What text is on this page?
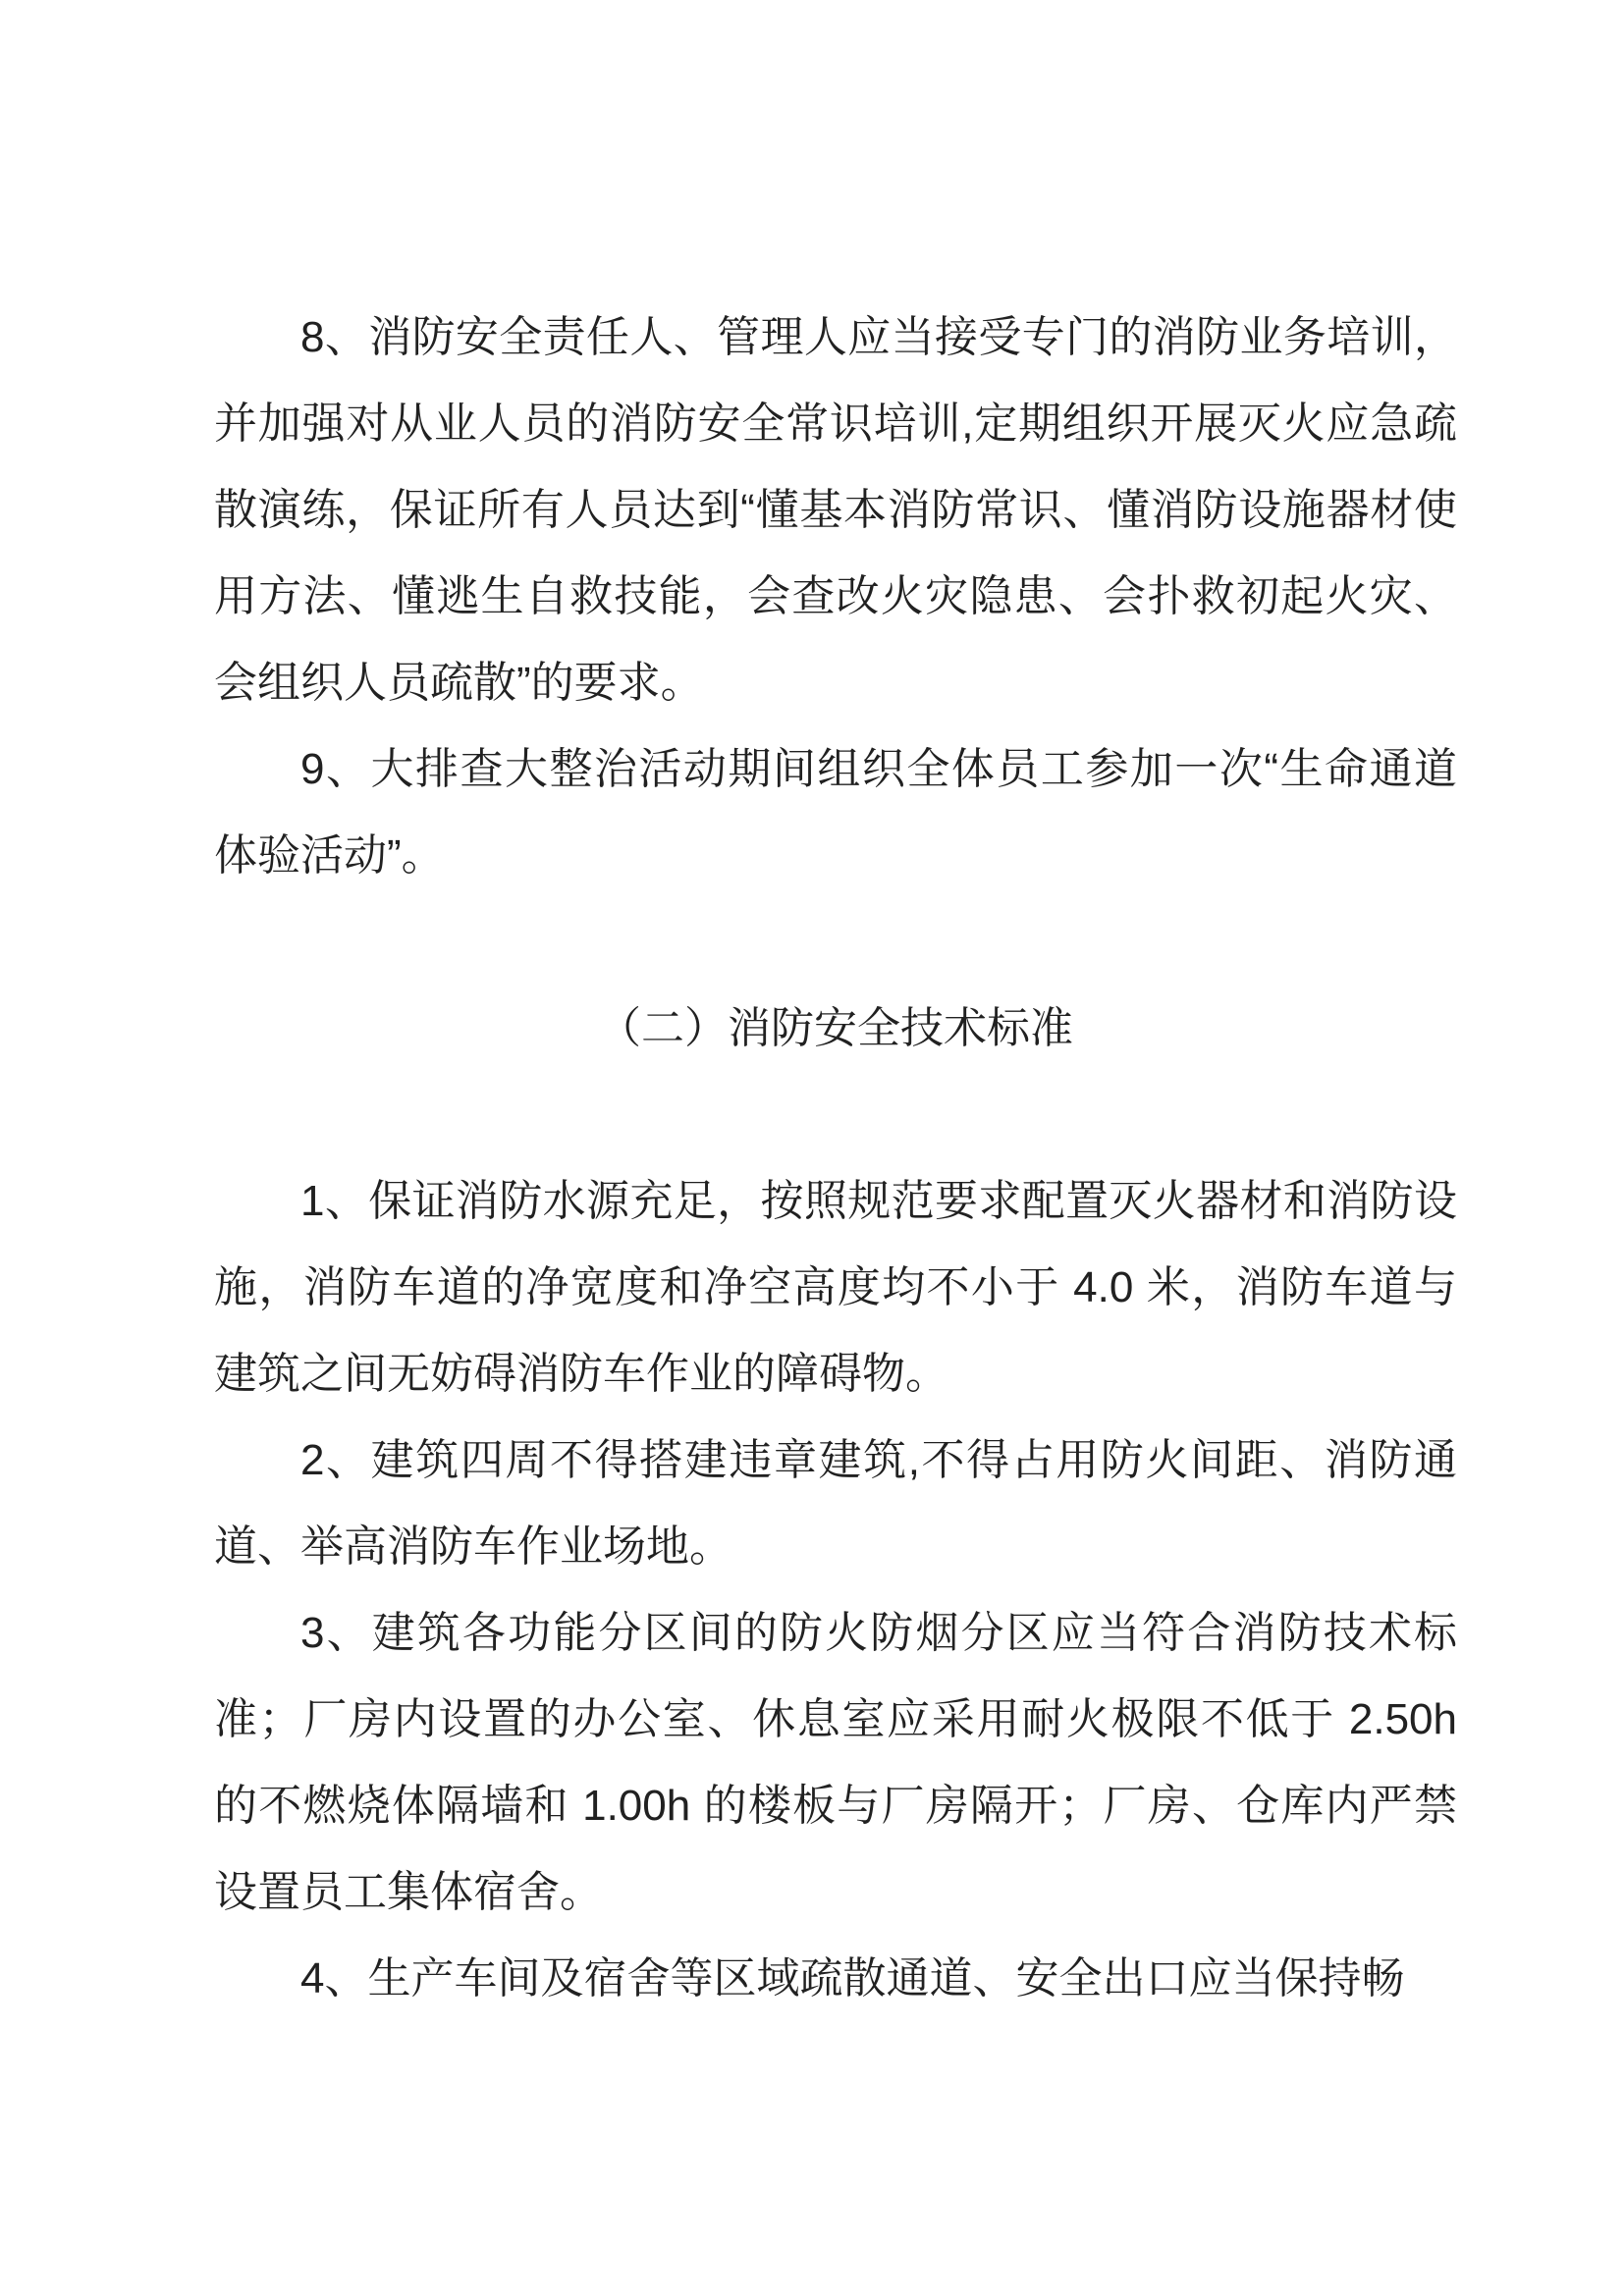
8、消防安全责任人、管理人应当接受专门的消防业务培训，并加强对从业人员的消防安全常识培训,定期组织开展灭火应急疏散演练，保证所有人员达到“懂基本消防常识、懂消防设施器材使用方法、懂逃生自救技能，会查改火灾隐患、会扑救初起火灾、会组织人员疏散”的要求。

9、大排查大整治活动期间组织全体员工参加一次“生命通道体验活动”。

（二）消防安全技术标准

1、保证消防水源充足，按照规范要求配置灭火器材和消防设施，消防车道的净宽度和净空高度均不小于 4.0 米，消防车道与建筑之间无妨碍消防车作业的障碍物。

2、建筑四周不得搭建违章建筑,不得占用防火间距、消防通道、举高消防车作业场地。

3、建筑各功能分区间的防火防烟分区应当符合消防技术标准；厂房内设置的办公室、休息室应采用耐火极限不低于 2.50h 的不燃烧体隔墙和 1.00h 的楼板与厂房隔开；厂房、仓库内严禁设置员工集体宿舍。

4、生产车间及宿舍等区域疏散通道、安全出口应当保持畅
